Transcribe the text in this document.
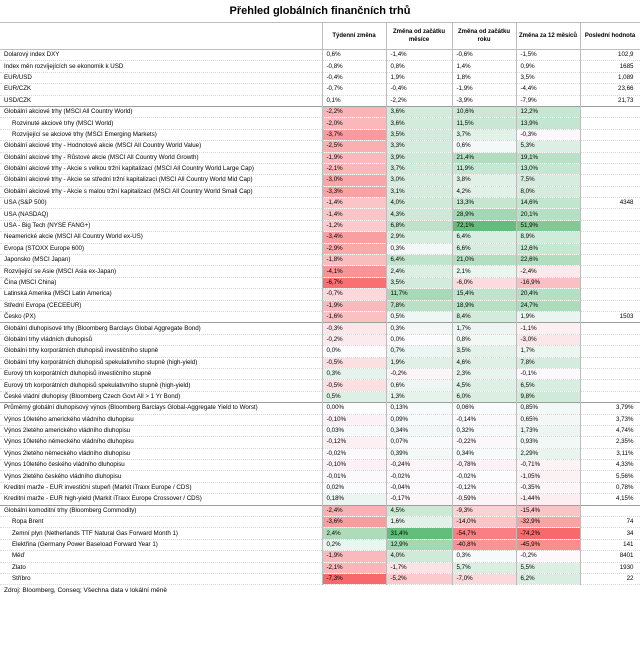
Přehled globálních finančních trhů
	Týdenní změna	Změna od začátku měsíce	Změna od začátku roku	Změna za 12 měsíců	Poslední hodnota
Dolarový index DXY	0,6%	-1,4%	-0,6%	-1,5%	102,9
Index měn rozvíjejících se ekonomik k USD	-0,8%	0,8%	1,4%	0,9%	1685
EUR/USD	-0,4%	1,9%	1,8%	3,5%	1,089
EUR/CZK	-0,7%	-0,4%	-1,9%	-4,4%	23,66
USD/CZK	0,1%	-2,2%	-3,9%	-7,9%	21,73
Globální akciové trhy (MSCI All Country World)	-2,2%	3,6%	10,6%	12,2%	
Rozvinuté akciové trhy (MSCI World)	-2,0%	3,6%	11,5%	13,9%	
Rozvíjející se akciové trhy (MSCI Emerging Markets)	-3,7%	3,5%	3,7%	-0,3%	
Globální akciové trhy - Hodnotové akcie (MSCI All Country World Value)	-2,5%	3,3%	0,6%	5,3%	
Globální akciové trhy - Růstové akcie (MSCI All Country World Growth)	-1,9%	3,9%	21,4%	19,1%	
Globální akciové trhy - Akcie s velkou tržní kapitalizací (MSCI All Country World Large Cap)	-2,1%	3,7%	11,9%	13,0%	
Globální akciové trhy - Akcie se střední tržní kapitalizací (MSCI All Country World Mid Cap)	-3,0%	3,0%	3,8%	7,5%	
Globální akciové trhy - Akcie s malou tržní kapitalizací (MSCI All Country World Small Cap)	-3,3%	3,1%	4,2%	8,0%	
USA (S&P 500)	-1,4%	4,0%	13,3%	14,6%	4348
USA (NASDAQ)	-1,4%	4,3%	28,9%	20,1%	
USA - Big Tech (NYSE FANG+)	-1,2%	6,8%	72,1%	51,9%	
Neamerické akcie (MSCI All Country World ex-US)	-3,4%	2,9%	6,4%	8,9%	
Evropa (STOXX Europe 600)	-2,9%	0,3%	6,6%	12,6%	
Japonsko (MSCI Japan)	-1,8%	6,4%	21,0%	22,6%	
Rozvíjející se Asie (MSCI Asia ex-Japan)	-4,1%	2,4%	2,1%	-2,4%	
Čína (MSCI China)	-6,7%	3,5%	-6,0%	-16,9%	
Latinská Amerika (MSCI Latin America)	-0,7%	11,7%	15,4%	20,4%	
Střední Evropa (CECEEUR)	-1,9%	7,8%	18,9%	24,7%	
Česko (PX)	-1,6%	0,5%	8,4%	1,9%	1503
Globální dluhopisové trhy (Bloomberg Barclays Global Aggregate Bond)	-0,3%	0,3%	1,7%	-1,1%	
Globální trhy vládních dluhopisů	-0,2%	0,0%	0,8%	-3,0%	
Globální trhy korporátních dluhopisů investičního stupně	0,0%	0,7%	3,5%	1,7%	
Globální trhy korporátních dluhopisů spekulativního stupně (high-yield)	-0,5%	1,9%	4,6%	7,8%	
Eurový trh korporátních dluhopisů investičního stupně	0,3%	-0,2%	2,3%	-0,1%	
Eurový trh korporátních dluhopisů spekulativního stupně (high-yield)	-0,5%	0,6%	4,5%	6,5%	
České vládní dluhopisy (Bloomberg Czech Govt All > 1 Yr Bond)	0,5%	1,3%	6,0%	9,8%	
Průměrný globální dluhopisový výnos (Bloomberg Barclays Global-Aggregate Yield to Worst)	0,00%	0,13%	0,06%	0,85%	3,79%
Výnos 10letého amerického vládního dluhopisu	-0,10%	0,09%	-0,14%	0,65%	3,73%
Výnos 2letého amerického vládního dluhopisu	0,03%	0,34%	0,32%	1,73%	4,74%
Výnos 10letého německého vládního dluhopisu	-0,12%	0,07%	-0,22%	0,93%	2,35%
Výnos 2letého německého vládního dluhopisu	-0,02%	0,39%	0,34%	2,29%	3,11%
Výnos 10letého českého vládního dluhopisu	-0,10%	-0,24%	-0,78%	-0,71%	4,33%
Výnos 2letého českého vládního dluhopisu	-0,01%	-0,02%	-0,02%	-1,05%	5,56%
Kreditní marže - EUR investiční stupeň (Markit iTraxx Europe / CDS)	0,02%	-0,04%	-0,12%	-0,35%	0,78%
Kreditní marže - EUR high-yield (Markit iTraxx Europe Crossover / CDS)	0,18%	-0,17%	-0,59%	-1,44%	4,15%
Globální komoditní trhy (Bloomberg Commodity)	-2,4%	4,5%	-9,3%	-15,4%	
Ropa Brent	-3,6%	1,6%	-14,0%	-32,9%	74
Zemní plyn (Netherlands TTF Natural Gas Forward Month 1)	2,4%	31,4%	-54,7%	-74,2%	34
Elektřina (Germany Power Baseload Forward Year 1)	0,2%	12,9%	-40,8%	-45,9%	141
Měď	-1,9%	4,0%	0,3%	-0,2%	8401
Zlato	-2,1%	-1,7%	5,7%	5,5%	1930
Stříbro	-7,3%	-5,2%	-7,0%	6,2%	22
Zdroj: Bloomberg, Conseq; Všechna data v lokální měně
